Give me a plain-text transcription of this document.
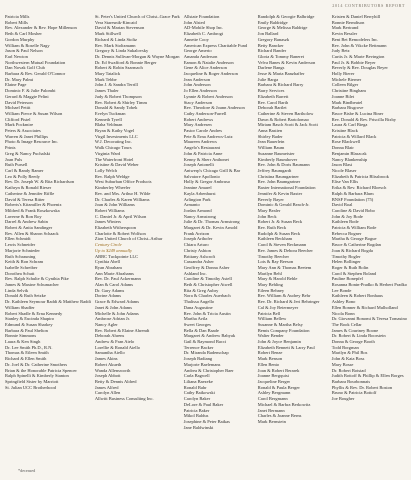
2014 CONTRIBUTORS REPORT

Patricia Mills

Robert Mills

Rev. Alexander & Rev. Hope Millenson

Beth & Carl Mosher

Gordon Murphy

William & Roselle Nagy

Jason & Paul Nelson

Earl Newton

Northwestern Mutual Foundation

Dan Novak Golf Club

Barbara & Rev. Gerald O'Connor

Dr. Mary Palmi

Elaine Page

Dominic F. & Julie Palombi

Gerard & Maggie Pelini

David Peterson

Michael Pettit

William Pierce & Susan Wilson

Clifford Pistel

Mark Pockmire

Peters & Associates

Warren & Janet Phillips

Photo & Image Resource Inc.

Prints

Greg & Nancy Puchalski

Joan Puls

Ruth Pursell

Carl & Randy Ramer

Leo & Polly Reedy

Rev. Dr. Joseph W. & Rita Richardson

Kathryn & Ronald Rieser

Catherine & Jennifer Riffle

David & Teresa Ritter

Roberts's Kitzmiller & Phoenix

Mildred & Frank Roszkowska

Laverne & Ron Roy

Darrel & Andrew Sabin

Robert & Anita Sandinger

Rev. Allen & Sharon Schaack

Ellen Schmidt

Lewis Schneider

Marjorie Schnieder

Ruth Schrauning

Keith & Ron Schram

Isabelle Schreiber

Dorothea Schutt

Rev. Ralph Schulte & Cynthia Pike

James & Maxine Schumacher

Linda Selvik

Donald & Ruth Setzke

Dr. Kathleen Seymour Raddi & Matthew Raddi

William Shadfer

Robert Shadle & Erna Kennedy

Stanley & Eucinda Shapiro

Edmund & Susan Sharkey

Barbara & Paul Shelton

Bonnie Simmons

Laura & Ken Singh

Dr. Lee Smith Ph.D., R.N.

Thomas & Eileen Smith

Richard & Ellen Smith

Dr. Joel & Dr. Catherine Smothers

Brian & the Honorable Patricia Spencer

Ralph Spinelli & Kimberly Stanton

Springfield Sister by Marriott

St. Julian UCC Brotherhood

St. Peter's United Church of Christ–Grace Park

Vera Staresnik-Kincaid

David & Marian Stevenson

Mark Stillwell

Richard & Linda Stoltz

Rev. Mark Stoltzmann

Gregory & Linda Sukalovsky

Dr. Dennis Sullivan-Morgan & Wayne Morgan

Dr. Ed Swafford & Bonnie Berger

Robert & Robin Szarmach

Mary Tatalick

Mark Tebbe

John J. & Sandra Terrill

James Thaler

Judy & Robert Thompson

Rev. Robert & Shirley Timm

Donald & Sandy Tobek

Evelyn Tuckman

Kenneth Tyrell

Blaha Veldman

Bryan & Kathy Vogel

Virgil Investments LLC

W.J. Decorating Inc.

Walk Chicago Tours

Virginia Ward

The Waterfront Hotel

Kristine & David Weber

Lolly Welch

Rev. Ralph Weldge

West Suburban Office Products

Kimberley Wheeler

Rev. and Mrs. Arthur H. Wilde

Dr. Charles & Karen Williams

Joan & John Williams

Robert Williams

C. Daniel Jr. & April Wilson

James Winters

Elizabeth Witherspoon

Charlotte & Robert Wolfson

Zion United Church of Christ–Arthur

Century Circle

Up to $249 annually

ABBC Tuckpointe LLC

Cynthia Abell

Ryan Abraham

Ann Marie Abrahams

Rev. Dr. Paul Ackermann

Alan & Carol Adams

Dr. Gary Adams

Dorine Adams

Grace & Edward Adams

Janet & John Adams

Michelle & John Adams

Ambrose Adrian Jr.

Nancy Agler

Rev. Robert & Elaine Ahrendt

Deborah Ahrens

Andrew & Fran Aielo

Lorellie & Ronald Aiello

Samantha Aiello

James Akins

Robert Akueth

Wanda Allensworth

Joseph Abbott

Betty & Dennis Aldred

James Alfred

Carolyn Allen

Allwitt Business Consulting Inc.

Allstate Foundation

John Alsted

AD-Mobile Shop Inc.

Elizabeth C. Ambrogi

Annette Cooy

American Express Charitable Fund

George Amerio

Amanda Anderson

Eamon & Natalie Anderson

Gene & Alice Anderson

Jacqueline & Roger Anderson

Jean Anderson

John Anderson

Jo Ellen Anderson

Lynnie & Robert Anderson

Stacy Anderson

Rev. Theodore & Joann Anderson

Cathy Anderson-Farrell

Robert Andrews

Mary Andresen

Pastor Carole Andres

Pete & Erna Andrews-Lutz

Maureen Andrews

Angelo's Restaurant

John & Patricia Anne

Kenny & Sherr Anthonet

Joseph Antonelli

Antwerp's Chicago Grill & Bar

Salvatore Apollonio

Holly & Gregor Ambruso

Jeanine Amarel

Kayla Arbenhurst

Arlington Park

Armanto

Jordan Armond

Nancy Armstrong

Julie & Dr. Thomas Armstrong

Margaret & Dr. Kevin Arnold

Frank Arrizon

Joseph Arthofer

Chiara Arturo

Christy Ashton

Brittany Ashcroft

Cassandra Asher

Geoffrey & Donna Asher

Ashland Inc.

Caroline & Timothy Astell

Beth & Christopher Atwell

Rita & Greg Aubry

Nora & Charles Auerbach

Thalissa Augello

Dana Augustine

Rev. John & Tricia Austin

Martha Avila

Sweet Georges

Bella & Dan Baade

Margaret & Andrew Babyak

Gail & Raymond Bacci

Terrence Backer

Dr. Miranda Badenschap

Joseph Badiang

Marjorie Baelemans

Andrea & Christopher Baer

Carla Bagwell

Liliana Baezeke

Ronald Bahr

Cathy Baikowski

Carolyn Baker

DeLore & Paul Baker

Patricia Baker

Mikol Baldus

Josephine & Peter Baikas

Jane Baldwinski

Randolph & Georgie Balbridge

Emily Baldridge

George & Melissa Baldrige

Jon Ballard

Gregory Banaszk

Betty Bancker

Richard Bander

Gloria & Tommy Baneret

Velva Banes & Kevin Anderson

Darlene Bangs

Jesse & Maria Banzhaffer

Julie Barga

Barbara & Richard Barry

Barry Services

Elizabeth Barrett

Rev. Carol Barth

Deborah Bartlet

Catherine & Steven Bartholow

Dawn & Robert Bartolomao

Miriam Basch Scott & Jack Scott

Anna Bastien

Shirley Bader

Jean Bauerlein

William Baum

Suzanne Baumeister

Kimberly Baumhover

Rev. John & Doris Baumann

Jeffrey Baumgardt

Christina Baumgartner

Rev. John Baumgartner

Baxter International Foundation

Jennifer & Kevin Baxter

Beverly Bayer

Dominic & Gerald Beach-Jr.

Mary Bealer

John Beck

Robert Jr. & Susan Beck

Rev. Ruth Beck

Rudolph & Susan Beck

Kathleen Beckham

Carol & Steven Beckmann

Rev. James & Debora Beecher

Timothy Beecher

Lois & Ray Beeson

Mary Ann & Thomas Beetem

Marilyn Behl

Mary & Harold Behle

Mary Behling

Eileen Behney

Rev. William & Audrey Behr

Rev. Dr. Richard & Jeri Behringer

Cal & Joy Beiermeyer

Patricia Bell

William Bellew

Susanne & Martha Belsy

Bemis Company Foundation

Walter Bender

John & Joyce Benjamin

Elizabeth Bennett & Larry Paul

Robert Benze

Mark Benson

Ellen Bento

Joan & Robert Berarek

Joanne Bergquist

Jacqueline Berger

Ronald & Paula Berger

Ashley Bergmann

Carol Bergmann

Michael & Barbra Berkowitz

Janet Bermann

Charles & Joanne Berns

Mark Bernstein

Kristen & Daniel Berryhill

Bonnie Berndtson

Mark Bertrand

Kevin Bessler

Bent Bet Remodelers Inc.

Rev. John & Vikcke Bettmann

Judy Betz

Curtis Jr. & Marie Bevington

Paul Jr. & Bobbie Beyer

Beverly & Rev. Douglas Beyer

Holly Bierer

Michele Bierner

Colleen Bilger

Christine Bingham

Joanne Bilet

Mark Bindbeutel

Barbara Bisgrove

Bruce Bisbe & Lucina Biner

Rev. Donald & Rev. Priscilla Bixby

Laura & Carl Biega

Kristine Black

Patricia & Willard Black

Rose Blackwell

Donna Blair

Benjamin Blaszczk

Nancy Blankenship

Jason Blasi

Nicole Blaser

Elizabeth & Patricia Blissbrook

Elise Van Ellis

Erika & Rev. Richard Bloesch

Ralph & Barbara Blum

BNSF Foundation (75)

David Boal

Caroline & David Bobo

John & Joy Bode

Kathleen Bode

Patricia & William Bode

Rebecca Bogner

Martha & George Bogue

Bruce & Catherine Bogdan

Joan & Richard Bogda

Timothy Bogler

Helen Bollinger

Roger & Ruth Bolin

Carol & Stephen Boland

Pauline Bonepfel

Rosanna Bonin-Pradko & Herbert Pradko

Lee Bonde

Kathleen & Robert Bonhaus

Ashley Bono

Ellen Bonner & Richard Mulholland

Nicola Bonn

Dr. Giovanni Bonomi & Teresa Tomasino

The Book Cellar

James & Courtney Boone

Dr. Robert & Linda Boorstein

Donna & George Booth

Todd Borgman

Marilyn & Phil Bos

John & Kaia Boss

Mary Bosse

Dr. Robert Botstad

Judith Bottoff & Phillip & Ellen Borges

Barbara Bourbonnais

Phyllis & Rev. Dr. Robert Boston

Bruno & Patricia Bottolf

Joe Bougher

*deceased
